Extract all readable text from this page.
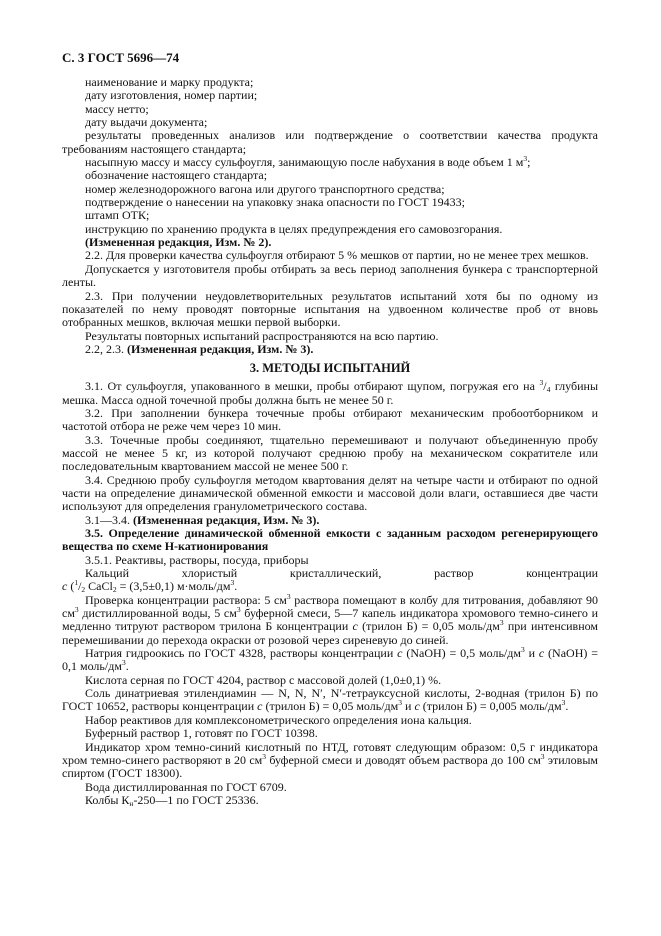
С. 3 ГОСТ 5696—74

наименование и марку продукта;

дату изготовления, номер партии;

массу нетто;

дату выдачи документа;

результаты проведенных анализов или подтверждение о соответствии качества продукта требованиям настоящего стандарта;

насыпную массу и массу сульфоугля, занимающую после набухания в воде объем 1 $м^3$;

обозначение настоящего стандарта;

номер железнодорожного вагона или другого транспортного средства;

подтверждение о нанесении на упаковку знака опасности по ГОСТ 19433;

штамп ОТК;

инструкцию по хранению продукта в целях предупреждения его самовозгорания.

(Измененная редакция, Изм. № 2).

2.2. Для проверки качества сульфоугля отбирают 5 % мешков от партии, но не менее трех мешков.

Допускается у изготовителя пробы отбирать за весь период заполнения бункера с транспортерной ленты.

2.3. При получении неудовлетворительных результатов испытаний хотя бы по одному из показателей по нему проводят повторные испытания на удвоенном количестве проб от вновь отобранных мешков, включая мешки первой выборки.

Результаты повторных испытаний распространяются на всю партию.

2.2, 2.3. (Измененная редакция, Изм. № 3).

3. МЕТОДЫ ИСПЫТАНИЙ

3.1. От сульфоугля, упакованного в мешки, пробы отбирают щупом, погружая его на $^3/_4$ глубины мешка. Масса одной точечной пробы должна быть не менее 50 г.

3.2. При заполнении бункера точечные пробы отбирают механическим пробоотборником и частотой отбора не реже чем через 10 мин.

3.3. Точечные пробы соединяют, тщательно перемешивают и получают объединенную пробу массой не менее 5 кг, из которой получают среднюю пробу на механическом сократителе или последовательным квартованием массой не менее 500 г.

3.4. Среднюю пробу сульфоугля методом квартования делят на четыре части и отбирают по одной части на определение динамической обменной емкости и массовой доли влаги, оставшиеся две части используют для определения гранулометрического состава.

3.1—3.4. (Измененная редакция, Изм. № 3).

3.5. Определение динамической обменной емкости с заданным расходом регенерирующего вещества по схеме Н-катионирования

3.5.1. Реактивы, растворы, посуда, приборы

Кальций	хлористый	кристаллический,	раствор	концентрации

c ($^1/_2$ CaCl$_2$ = (3,5±0,1) $м\cdot моль/дм^3$.

Проверка концентрации раствора: 5 $см^3$ раствора помещают в колбу для титрования, добавляют 90 $см^3$ дистиллированной воды, 5 $см^3$ буферной смеси, 5—7 капель индикатора хромового темно-синего и медленно титруют раствором трилона Б концентрации c (трилон Б) = 0,05 моль/$дм^3$ при интенсивном перемешивании до перехода окраски от розовой через сиреневую до синей.

Натрия гидроокись по ГОСТ 4328, растворы концентрации c (NaOH) = 0,5 моль/$дм^3$ и c (NaOH) = 0,1 моль/$дм^3$.

Кислота серная по ГОСТ 4204, раствор с массовой долей (1,0±0,1) %.

Соль динатриевая этилендиамин — N, N, N′, N′-тетрауксусной кислоты, 2-водная (трилон Б) по ГОСТ 10652, растворы концентрации c (трилон Б) = 0,05 моль/$дм^3$ и c (трилон Б) = 0,005 моль/$дм^3$.

Набор реактивов для комплексонометрического определения иона кальция.

Буферный раствор 1, готовят по ГОСТ 10398.

Индикатор хром темно-синий кислотный по НТД, готовят следующим образом: 0,5 г индикатора хром темно-синего растворяют в 20 $см^3$ буферной смеси и доводят объем раствора до 100 $см^3$ этиловым спиртом (ГОСТ 18300).

Вода дистиллированная по ГОСТ 6709.

Колбы $К_н-250—1$ по ГОСТ 25336.
